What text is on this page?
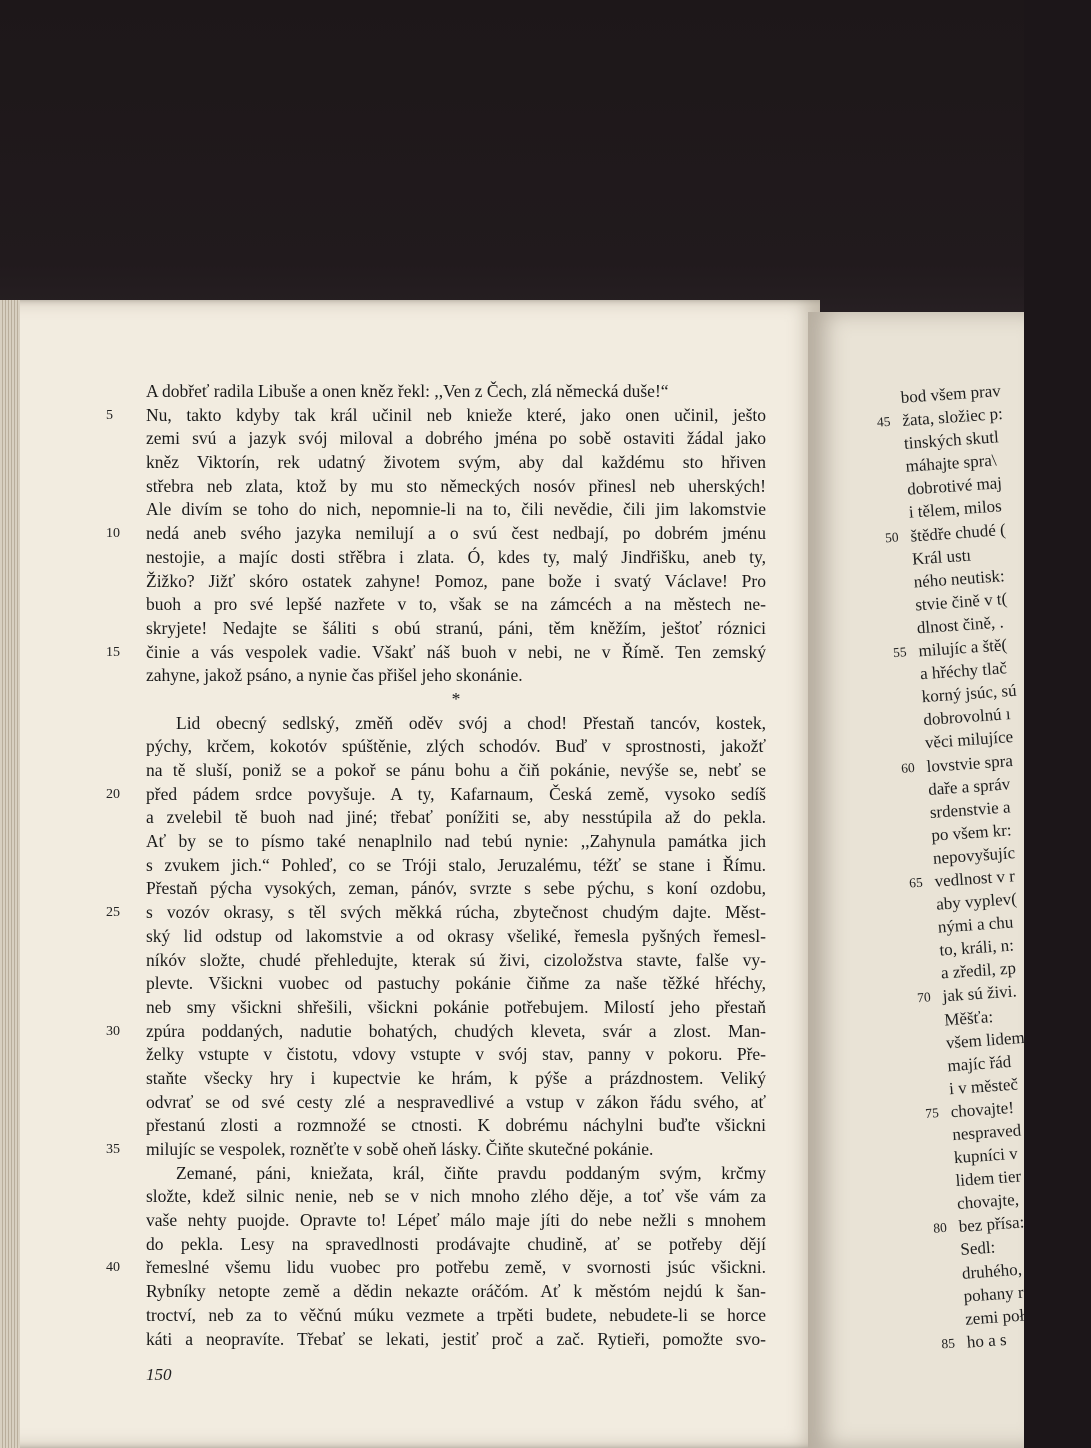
A dobřeť radila Libuše a onen kněz řekl: ,,Ven z Čech, zlá německá duše!“
5	Nu, takto kdyby tak král učinil neb knieže které, jako onen učinil, ješto
zemi svú a jazyk svój miloval a dobrého jména po sobě ostaviti žádal jako
kněz Viktorín, rek udatný životem svým, aby dal každému sto hřiven
střebra neb zlata, ktož by mu sto německých nosóv přinesl neb uherských!
Ale divím se toho do nich, nepomnie-li na to, čili nevědie, čili jim lakomstvie
10	nedá aneb svého jazyka nemilují a o svú čest nedbají, po dobrém jménu
nestojie, a majíc dosti střěbra i zlata. Ó, kdes ty, malý Jindřišku, aneb ty,
Žižko? Jižť skóro ostatek zahyne! Pomoz, pane bože i svatý Václave! Pro
buoh a pro své lepšé nazřete v to, však se na zámcéch a na městech ne-
skryjete! Nedajte se šáliti s obú stranú, páni, těm kněžím, ještoť róznici
15	činie a vás vespolek vadie. Všakť náš buoh v nebi, ne v Římě. Ten zemský
zahyne, jakož psáno, a nynie čas přišel jeho skonánie.
*
Lid obecný sedlský, změň oděv svój a chod! Přestaň tancóv, kostek,
pýchy, krčem, kokotóv spúštěnie, zlých schodóv. Buď v sprostnosti, jakožť
na tě sluší, poniž se a pokoř se pánu bohu a čiň pokánie, nevýše se, nebť se
20	před pádem srdce povyšuje. A ty, Kafarnaum, Česká země, vysoko sedíš
a zvelebil tě buoh nad jiné; třebať ponížiti se, aby nesstúpila až do pekla.
Ať by se to písmo také nenaplnilo nad tebú nynie: ,,Zahynula památka jich
s zvukem jich.“ Pohleď, co se Tróji stalo, Jeruzalému, téžť se stane i Římu.
Přestaň pýcha vysokých, zeman, pánóv, svrzte s sebe pýchu, s koní ozdobu,
25	s vozóv okrasy, s těl svých měkká rúcha, zbytečnost chudým dajte. Měst-
ský lid odstup od lakomstvie a od okrasy všeliké, řemesla pyšných řemesl-
níkóv složte, chudé přehledujte, kterak sú živi, cizoložstva stavte, falše vy-
plevte. Všickni vuobec od pastuchy pokánie čiňme za naše těžké hřéchy,
neb smy všickni shřešili, všickni pokánie potřebujem. Milostí jeho přestaň
30	zpúra poddaných, nadutie bohatých, chudých kleveta, svár a zlost. Man-
želky vstupte v čistotu, vdovy vstupte v svój stav, panny v pokoru. Pře-
staňte všecky hry i kupectvie ke hrám, k pýše a prázdnostem. Veliký
odvrať se od své cesty zlé a nespravedlivé a vstup v zákon řádu svého, ať
přestanú zlosti a rozmnožé se ctnosti. K dobrému náchylni buďte všickni
35	milujíc se vespolek, rozněťte v sobě oheň lásky. Čiňte skutečné pokánie.
Zemané, páni, kniežata, král, čiňte pravdu poddaným svým, krčmy
složte, kdež silnic nenie, neb se v nich mnoho zlého děje, a toť vše vám za
vaše nehty puojde. Opravte to! Lépeť málo maje jíti do nebe nežli s mnohem
do pekla. Lesy na spravedlnosti prodávajte chudině, ať se potřeby dějí
40	řemeslné všemu lidu vuobec pro potřebu země, v svornosti jsúc všickni.
Rybníky netopte země a dědin nekazte oráčóm. Ať k městóm nejdú k šan-
troctví, neb za to věčnú múku vezmete a trpěti budete, nebudete-li se horce
káti a neopravíte. Třebať se lekati, jestiť proč a zač. Rytieři, pomožte svo-
150
bod všem prav
45 žata, složiec p:
tinských skutl
máhajte spra\
dobrotivé maj
i tělem, milos
50 štědře chudé (
Král ustı
ného neutisk:
stvie čině v t(
dlnost čině, .
55 milujíc a ště(
a hřéchy tlač
korný jsúc, sú
dobrovolnú ı
věci milujíce
60 lovstvie spra
daře a správ
srdenstvie a
po všem kr:
nepovyšujíc
65 vedlnost v r
aby vyplev(
nými a chu
to, králi, n:
a zředil, zp
70 jak sú živi.
Měšťa:
všem lidem
majíc řád
i v městeč
75 chovajte!
nespraved
kupníci v
lidem tier
chovajte,
80 bez přísa:
Sedl:
druhého,
pohany r
zemi poł
85 ho a s
